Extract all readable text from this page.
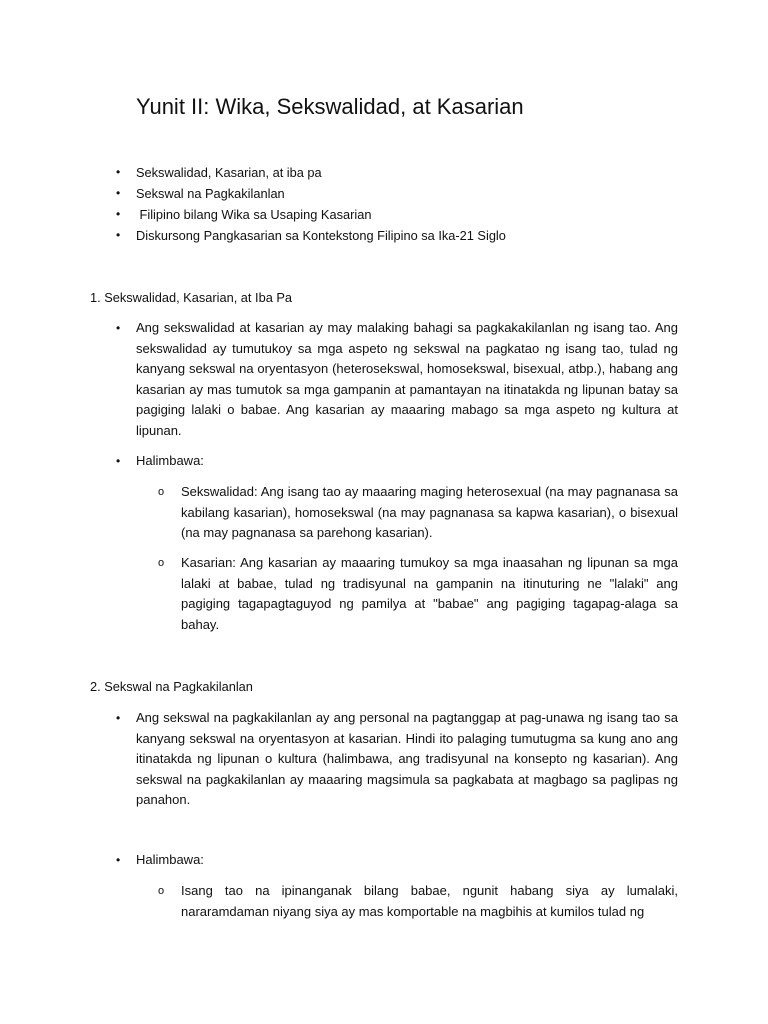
Yunit II: Wika, Sekswalidad, at Kasarian
• Sekswalidad, Kasarian, at iba pa
• Sekswal na Pagkakilanlan
• Filipino bilang Wika sa Usaping Kasarian
• Diskursong Pangkasarian sa Kontekstong Filipino sa Ika-21 Siglo
1. Sekswalidad, Kasarian, at Iba Pa
• Ang sekswalidad at kasarian ay may malaking bahagi sa pagkakakilanlan ng isang tao. Ang sekswalidad ay tumutukoy sa mga aspeto ng sekswal na pagkatao ng isang tao, tulad ng kanyang sekswal na oryentasyon (heterosekswal, homosekswal, bisexual, atbp.), habang ang kasarian ay mas tumutok sa mga gampanin at pamantayan na itinatakda ng lipunan batay sa pagiging lalaki o babae. Ang kasarian ay maaaring mabago sa mga aspeto ng kultura at lipunan.
• Halimbawa:
o Sekswalidad: Ang isang tao ay maaaring maging heterosexual (na may pagnanasa sa kabilang kasarian), homosekswal (na may pagnanasa sa kapwa kasarian), o bisexual (na may pagnanasa sa parehong kasarian).
o Kasarian: Ang kasarian ay maaaring tumukoy sa mga inaasahan ng lipunan sa mga lalaki at babae, tulad ng tradisyunal na gampanin na itinuturing ne "lalaki" ang pagiging tagapagtaguyod ng pamilya at "babae" ang pagiging tagapag-alaga sa bahay.
2. Sekswal na Pagkakilanlan
• Ang sekswal na pagkakilanlan ay ang personal na pagtanggap at pag-unawa ng isang tao sa kanyang sekswal na oryentasyon at kasarian. Hindi ito palaging tumutugma sa kung ano ang itinatakda ng lipunan o kultura (halimbawa, ang tradisyunal na konsepto ng kasarian). Ang sekswal na pagkakilanlan ay maaaring magsimula sa pagkabata at magbago sa paglipas ng panahon.
• Halimbawa:
o Isang tao na ipinanganak bilang babae, ngunit habang siya ay lumalaki, nararamdaman niyang siya ay mas komportable na magbihis at kumilos tulad ng
